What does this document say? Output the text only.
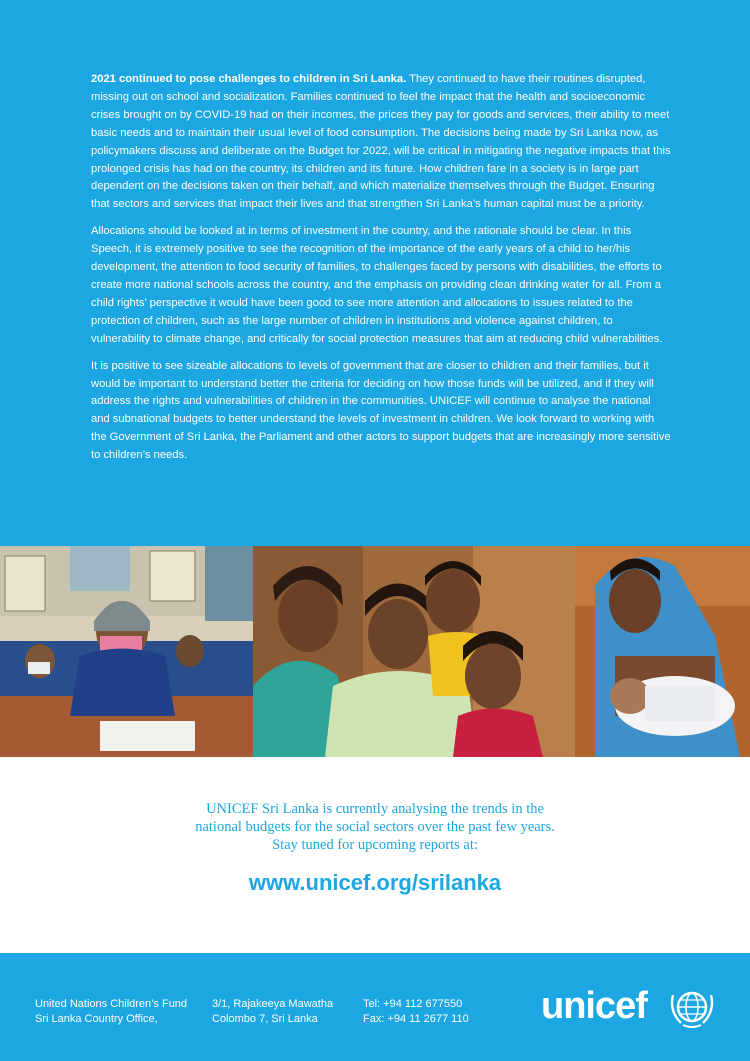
2021 continued to pose challenges to children in Sri Lanka. They continued to have their routines disrupted, missing out on school and socialization. Families continued to feel the impact that the health and socioeconomic crises brought on by COVID-19 had on their incomes, the prices they pay for goods and services, their ability to meet basic needs and to maintain their usual level of food consumption. The decisions being made by Sri Lanka now, as policymakers discuss and deliberate on the Budget for 2022, will be critical in mitigating the negative impacts that this prolonged crisis has had on the country, its children and its future. How children fare in a society is in large part dependent on the decisions taken on their behalf, and which materialize themselves through the Budget. Ensuring that sectors and services that impact their lives and that strengthen Sri Lanka’s human capital must be a priority.

Allocations should be looked at in terms of investment in the country, and the rationale should be clear. In this Speech, it is extremely positive to see the recognition of the importance of the early years of a child to her/his development, the attention to food security of families, to challenges faced by persons with disabilities, the efforts to create more national schools across the country, and the emphasis on providing clean drinking water for all. From a child rights’ perspective it would have been good to see more attention and allocations to issues related to the protection of children, such as the large number of children in institutions and violence against children, to vulnerability to climate change, and critically for social protection measures that aim at reducing child vulnerabilities.

It is positive to see sizeable allocations to levels of government that are closer to children and their families, but it would be important to understand better the criteria for deciding on how those funds will be utilized, and if they will address the rights and vulnerabilities of children in the communities. UNICEF will continue to analyse the national and subnational budgets to better understand the levels of investment in children. We look forward to working with the Government of Sri Lanka, the Parliament and other actors to support budgets that are increasingly more sensitive to children’s needs.

UNICEF Sri Lanka is currently analysing the trends in the
national budgets for the social sectors over the past few years.
Stay tuned for upcoming reports at:
www.unicef.org/srilanka
United Nations Children’s Fund
Sri Lanka Country Office,
3/1, Rajakeeya Mawatha
Colombo 7, Sri Lanka
Tel: +94 112 677550
Fax: +94 11 2677 110 unicef
